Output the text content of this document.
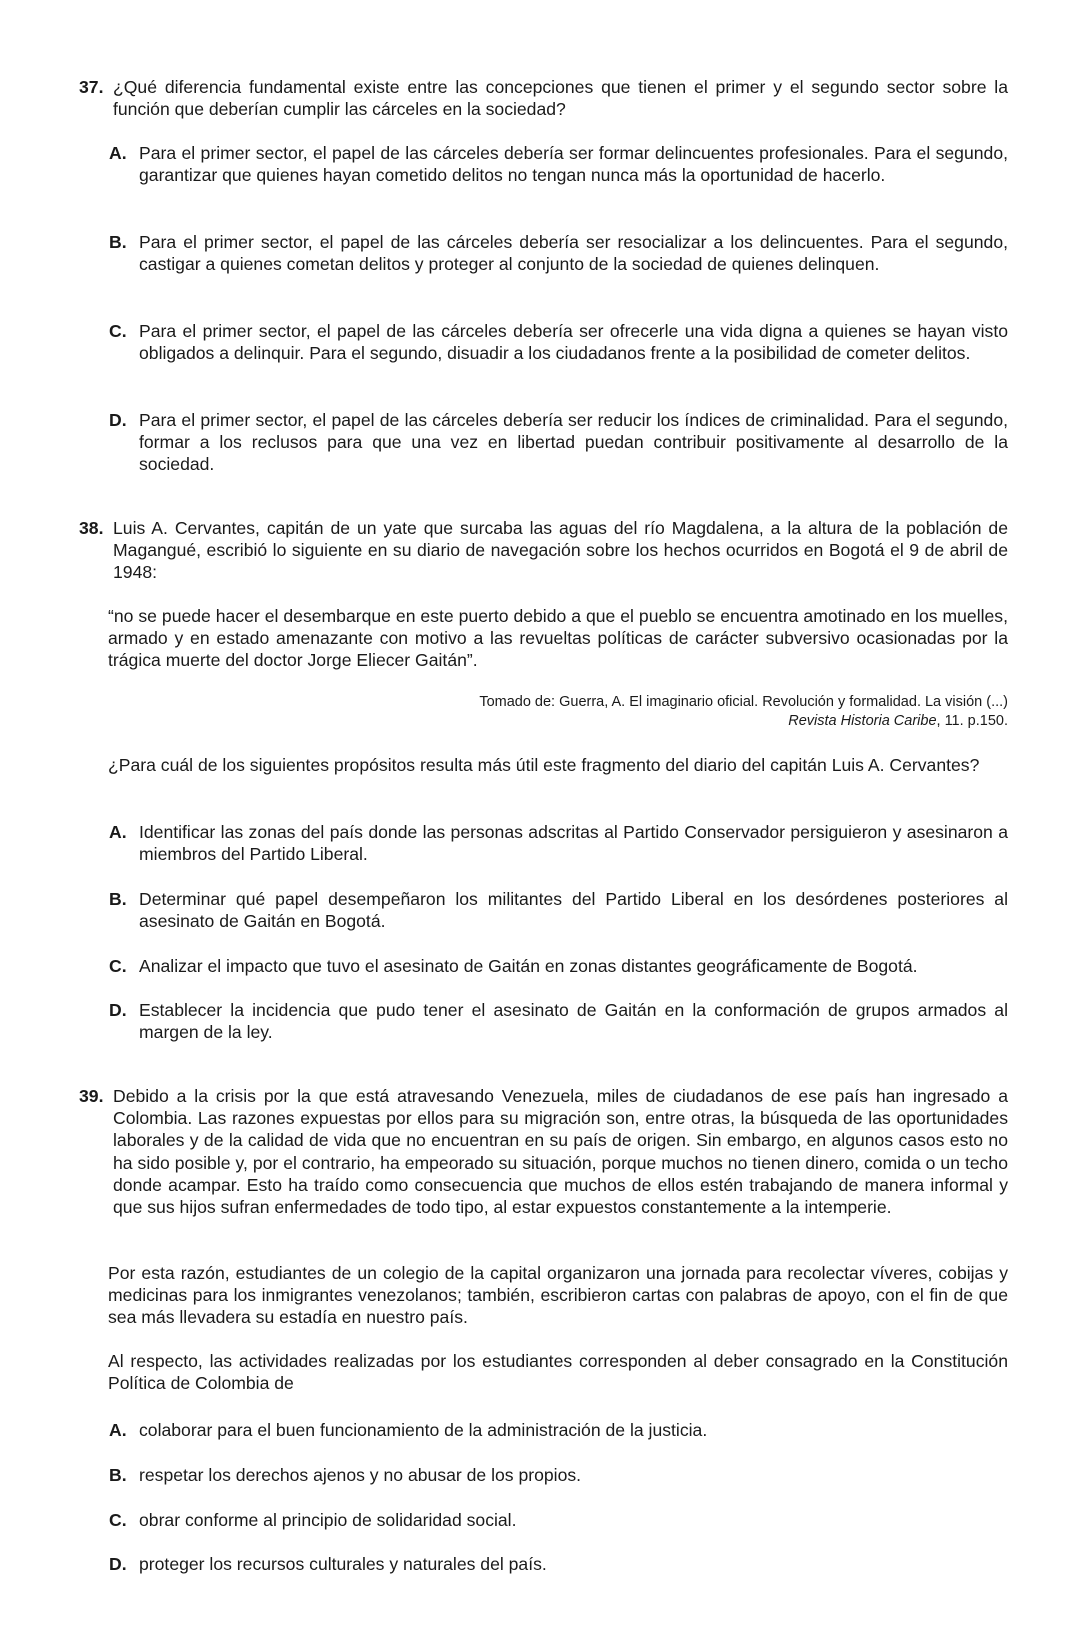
37. ¿Qué diferencia fundamental existe entre las concepciones que tienen el primer y el segundo sector sobre la función que deberían cumplir las cárceles en la sociedad?
A. Para el primer sector, el papel de las cárceles debería ser formar delincuentes profesionales. Para el segundo, garantizar que quienes hayan cometido delitos no tengan nunca más la oportunidad de hacerlo.
B. Para el primer sector, el papel de las cárceles debería ser resocializar a los delincuentes. Para el segundo, castigar a quienes cometan delitos y proteger al conjunto de la sociedad de quienes delinquen.
C. Para el primer sector, el papel de las cárceles debería ser ofrecerle una vida digna a quienes se hayan visto obligados a delinquir. Para el segundo, disuadir a los ciudadanos frente a la posibilidad de cometer delitos.
D. Para el primer sector, el papel de las cárceles debería ser reducir los índices de criminalidad. Para el segundo, formar a los reclusos para que una vez en libertad puedan contribuir positivamente al desarrollo de la sociedad.
38. Luis A. Cervantes, capitán de un yate que surcaba las aguas del río Magdalena, a la altura de la población de Magangué, escribió lo siguiente en su diario de navegación sobre los hechos ocurridos en Bogotá el 9 de abril de 1948:
“no se puede hacer el desembarque en este puerto debido a que el pueblo se encuentra amotinado en los muelles, armado y en estado amenazante con motivo a las revueltas políticas de carácter subversivo ocasionadas por la trágica muerte del doctor Jorge Eliecer Gaitán”.
Tomado de: Guerra, A. El imaginario oficial. Revolución y formalidad. La visión (...)
Revista Historia Caribe, 11. p.150.
¿Para cuál de los siguientes propósitos resulta más útil este fragmento del diario del capitán Luis A. Cervantes?
A. Identificar las zonas del país donde las personas adscritas al Partido Conservador persiguieron y asesinaron a miembros del Partido Liberal.
B. Determinar qué papel desempeñaron los militantes del Partido Liberal en los desórdenes posteriores al asesinato de Gaitán en Bogotá.
C. Analizar el impacto que tuvo el asesinato de Gaitán en zonas distantes geográficamente de Bogotá.
D. Establecer la incidencia que pudo tener el asesinato de Gaitán en la conformación de grupos armados al margen de la ley.
39. Debido a la crisis por la que está atravesando Venezuela, miles de ciudadanos de ese país han ingresado a Colombia. Las razones expuestas por ellos para su migración son, entre otras, la búsqueda de las oportunidades laborales y de la calidad de vida que no encuentran en su país de origen. Sin embargo, en algunos casos esto no ha sido posible y, por el contrario, ha empeorado su situación, porque muchos no tienen dinero, comida o un techo donde acampar. Esto ha traído como consecuencia que muchos de ellos estén trabajando de manera informal y que sus hijos sufran enfermedades de todo tipo, al estar expuestos constantemente a la intemperie.
Por esta razón, estudiantes de un colegio de la capital organizaron una jornada para recolectar víveres, cobijas y medicinas para los inmigrantes venezolanos; también, escribieron cartas con palabras de apoyo, con el fin de que sea más llevadera su estadía en nuestro país.
Al respecto, las actividades realizadas por los estudiantes corresponden al deber consagrado en la Constitución Política de Colombia de
A. colaborar para el buen funcionamiento de la administración de la justicia.
B. respetar los derechos ajenos y no abusar de los propios.
C. obrar conforme al principio de solidaridad social.
D. proteger los recursos culturales y naturales del país.
